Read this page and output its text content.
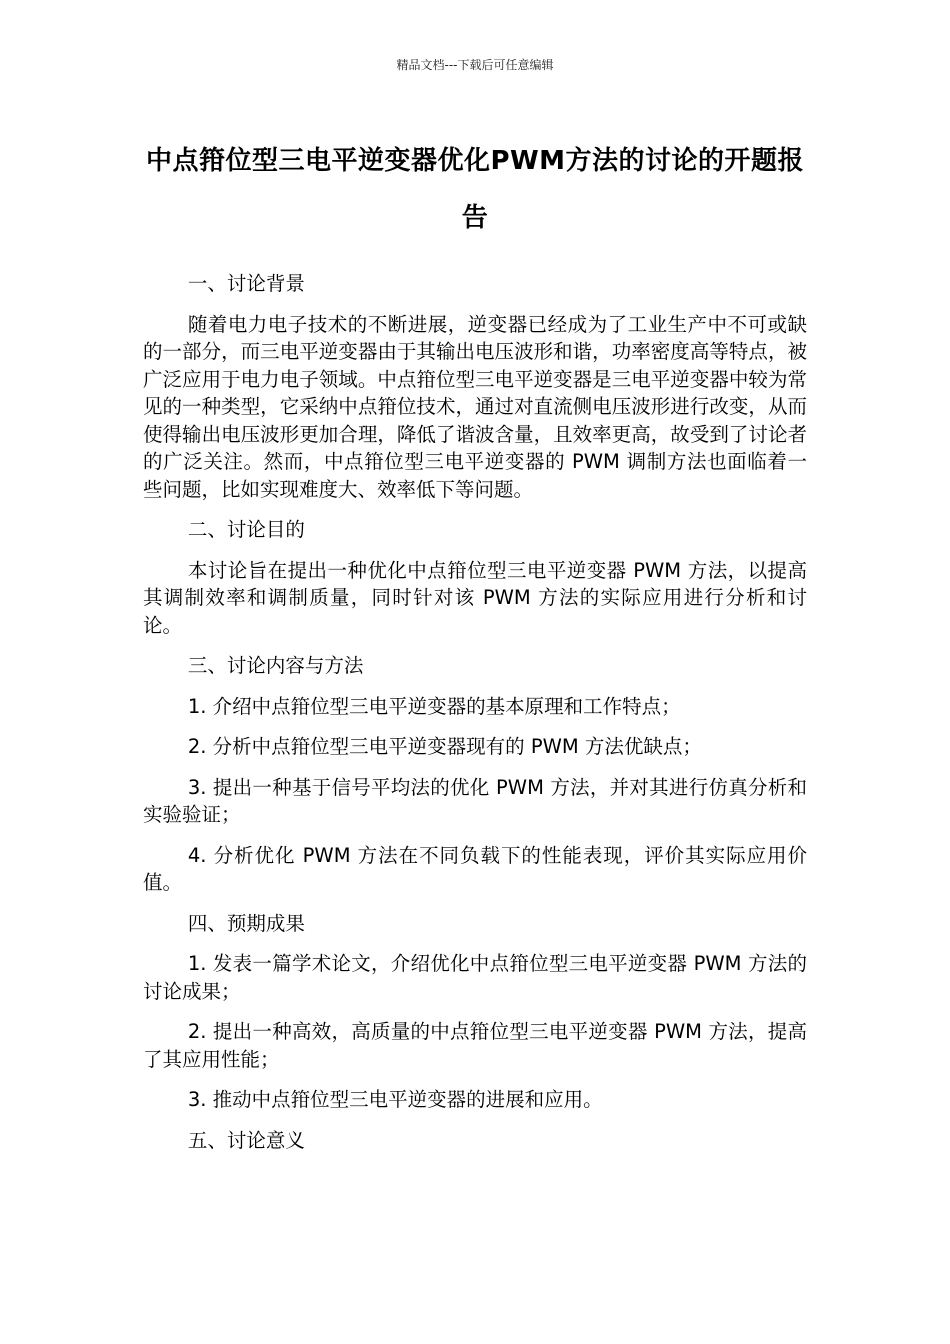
精品文档---下载后可任意编辑
中点箝位型三电平逆变器优化PWM方法的讨论的开题报告

一、讨论背景

随着电力电子技术的不断进展，逆变器已经成为了工业生产中不可或缺的一部分，而三电平逆变器由于其输出电压波形和谐，功率密度高等特点，被广泛应用于电力电子领域。中点箝位型三电平逆变器是三电平逆变器中较为常见的一种类型，它采纳中点箝位技术，通过对直流侧电压波形进行改变，从而使得输出电压波形更加合理，降低了谐波含量，且效率更高，故受到了讨论者的广泛关注。然而，中点箝位型三电平逆变器的 PWM 调制方法也面临着一些问题，比如实现难度大、效率低下等问题。

二、讨论目的

本讨论旨在提出一种优化中点箝位型三电平逆变器 PWM 方法，以提高其调制效率和调制质量，同时针对该 PWM 方法的实际应用进行分析和讨论。

三、讨论内容与方法

1. 介绍中点箝位型三电平逆变器的基本原理和工作特点；

2. 分析中点箝位型三电平逆变器现有的 PWM 方法优缺点；

3. 提出一种基于信号平均法的优化 PWM 方法，并对其进行仿真分析和实验验证；

4. 分析优化 PWM 方法在不同负载下的性能表现，评价其实际应用价值。

四、预期成果

1. 发表一篇学术论文，介绍优化中点箝位型三电平逆变器 PWM 方法的讨论成果；

2. 提出一种高效，高质量的中点箝位型三电平逆变器 PWM 方法，提高了其应用性能；

3. 推动中点箝位型三电平逆变器的进展和应用。

五、讨论意义
